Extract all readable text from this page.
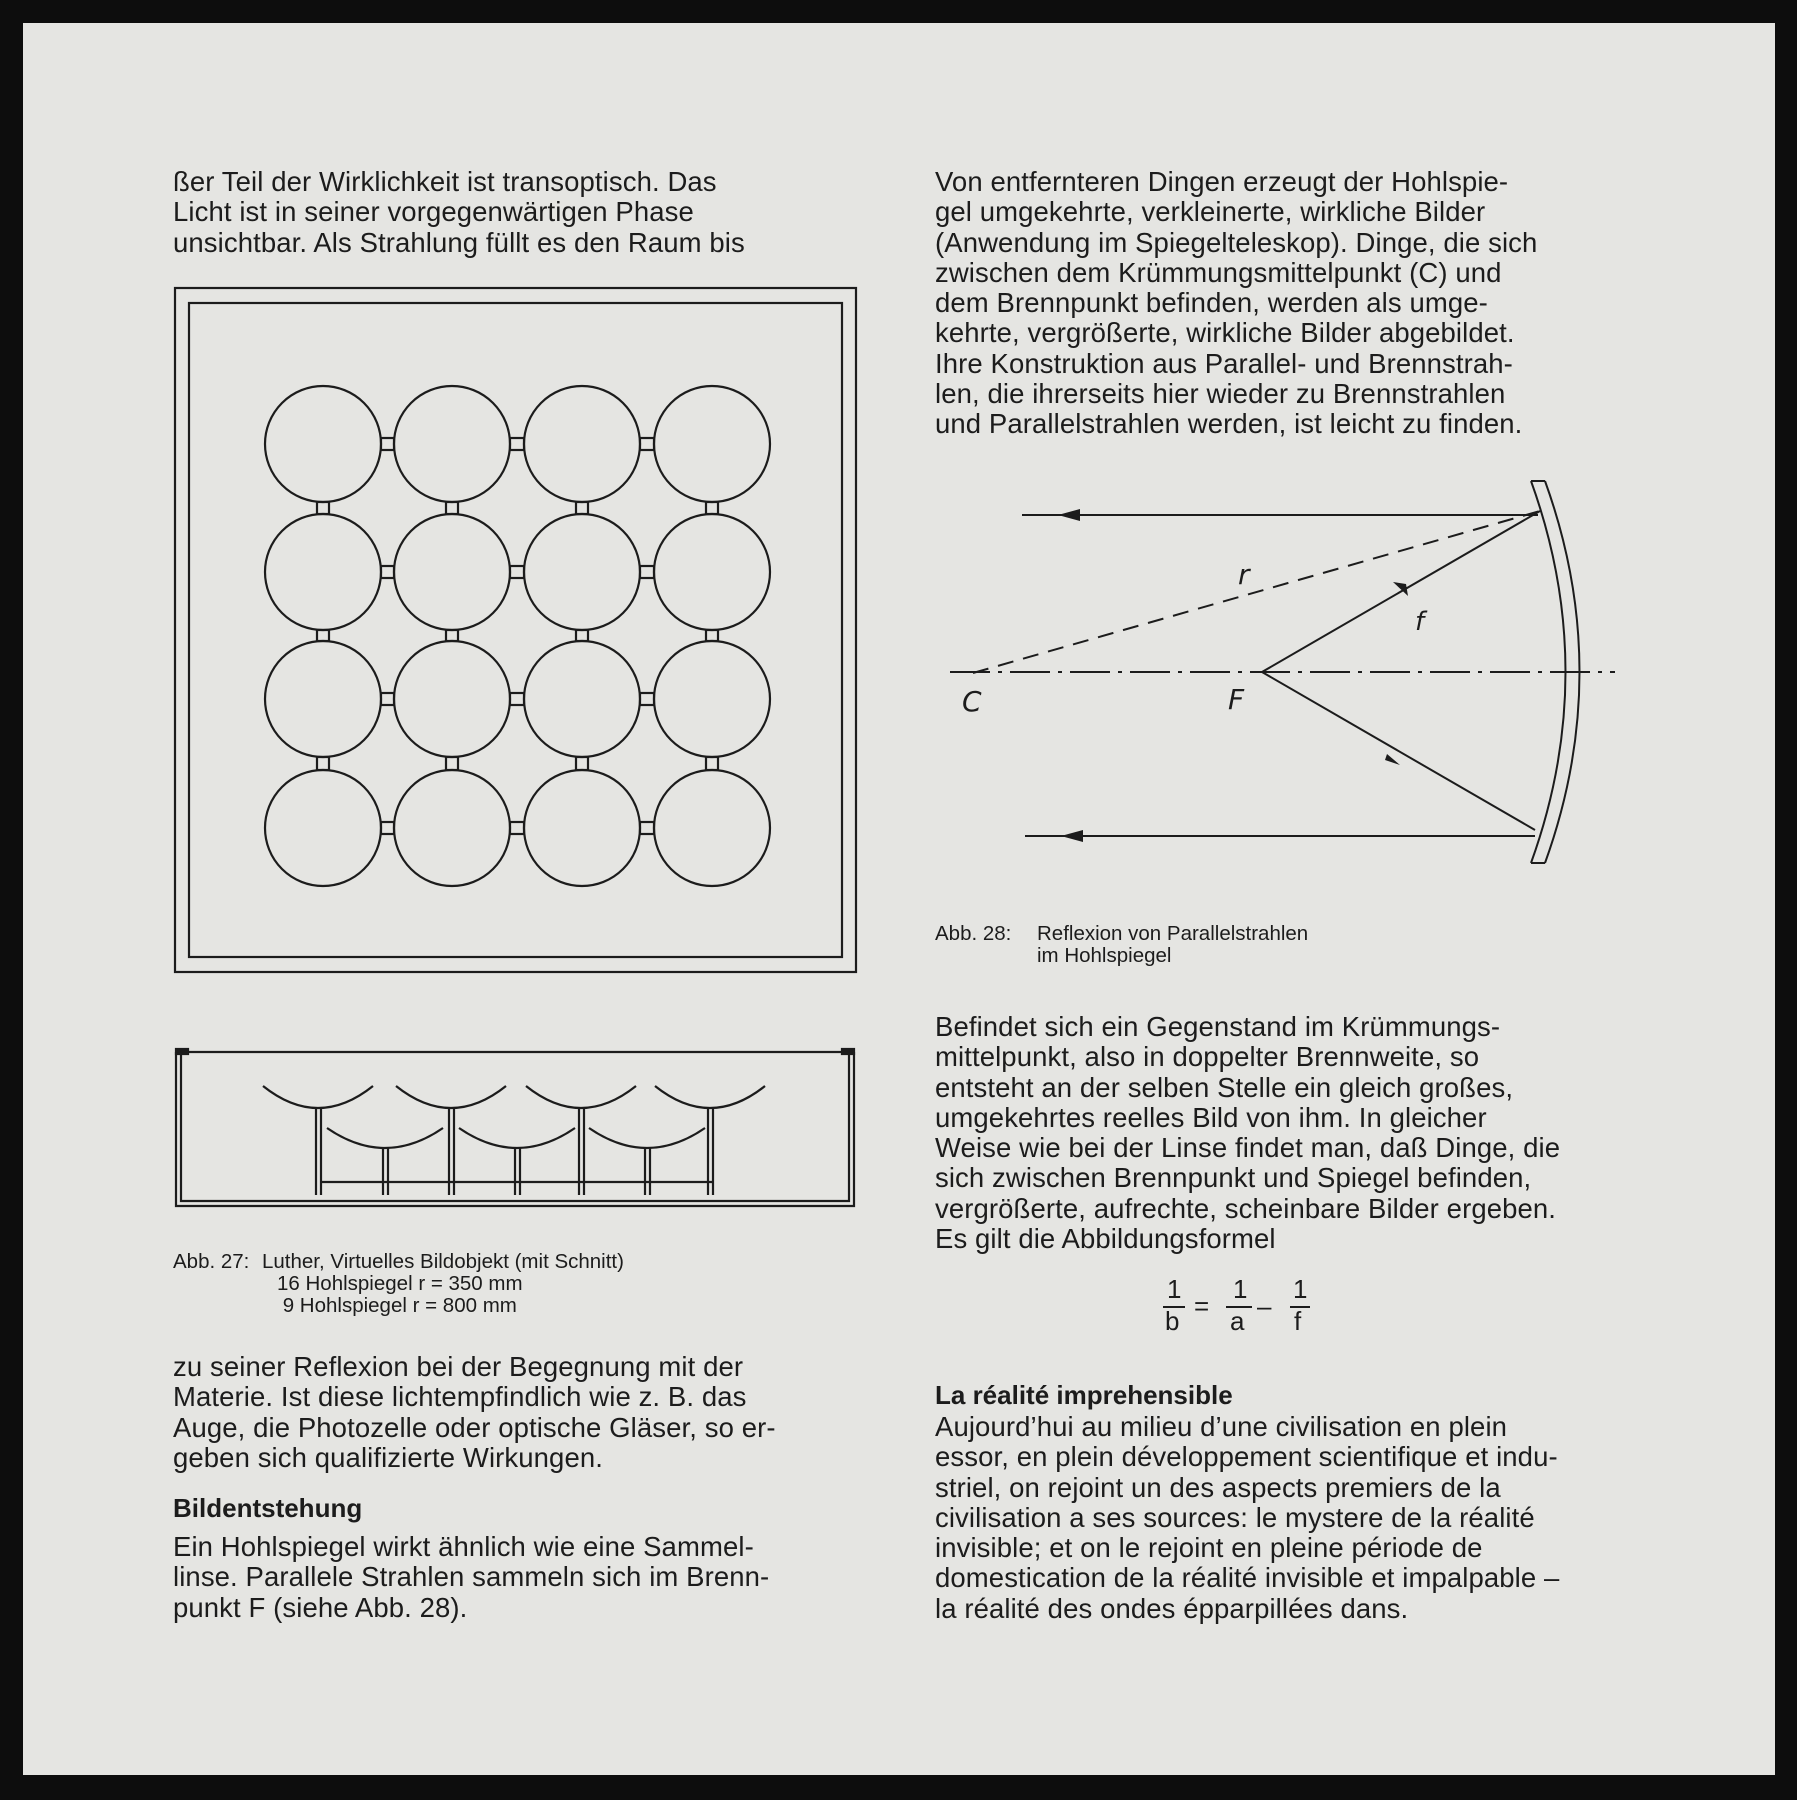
ßer Teil der Wirklichkeit ist transoptisch. Das
Licht ist in seiner vorgegenwärtigen Phase
unsichtbar. Als Strahlung füllt es den Raum bis

Abb. 27: Luther, Virtuelles Bildobjekt (mit Schnitt)

16 Hohlspiegel r = 350 mm

9 Hohlspiegel r = 800 mm

zu seiner Reflexion bei der Begegnung mit der
Materie. Ist diese lichtempfindlich wie z. B. das
Auge, die Photozelle oder optische Gläser, so er-
geben sich qualifizierte Wirkungen.

Bildentstehung

Ein Hohlspiegel wirkt ähnlich wie eine Sammel-
linse. Parallele Strahlen sammeln sich im Brenn-
punkt F (siehe Abb. 28).

Von entfernteren Dingen erzeugt der Hohlspie-
gel umgekehrte, verkleinerte, wirkliche Bilder
(Anwendung im Spiegelteleskop). Dinge, die sich
zwischen dem Krümmungsmittelpunkt (C) und
dem Brennpunkt befinden, werden als umge-
kehrte, vergrößerte, wirkliche Bilder abgebildet.
Ihre Konstruktion aus Parallel- und Brennstrah-
len, die ihrerseits hier wieder zu Brennstrahlen
und Parallelstrahlen werden, ist leicht zu finden.

r
f
C	F

Abb. 28: Reflexion von Parallelstrahlen

im Hohlspiegel

Befindet sich ein Gegenstand im Krümmungs-
mittelpunkt, also in doppelter Brennweite, so
entsteht an der selben Stelle ein gleich großes,
umgekehrtes reelles Bild von ihm. In gleicher
Weise wie bei der Linse findet man, daß Dinge, die
sich zwischen Brennpunkt und Spiegel befinden,
vergrößerte, aufrechte, scheinbare Bilder ergeben.
Es gilt die Abbildungsformel

1
b =
1
a –
1
f
La réalité imprehensible

Aujourd’hui au milieu d’une civilisation en plein
essor, en plein développement scientifique et indu-
striel, on rejoint un des aspects premiers de la
civilisation a ses sources: le mystere de la réalité
invisible; et on le rejoint en pleine période de
domestication de la réalité invisible et impalpable –
la réalité des ondes épparpillées dans.
